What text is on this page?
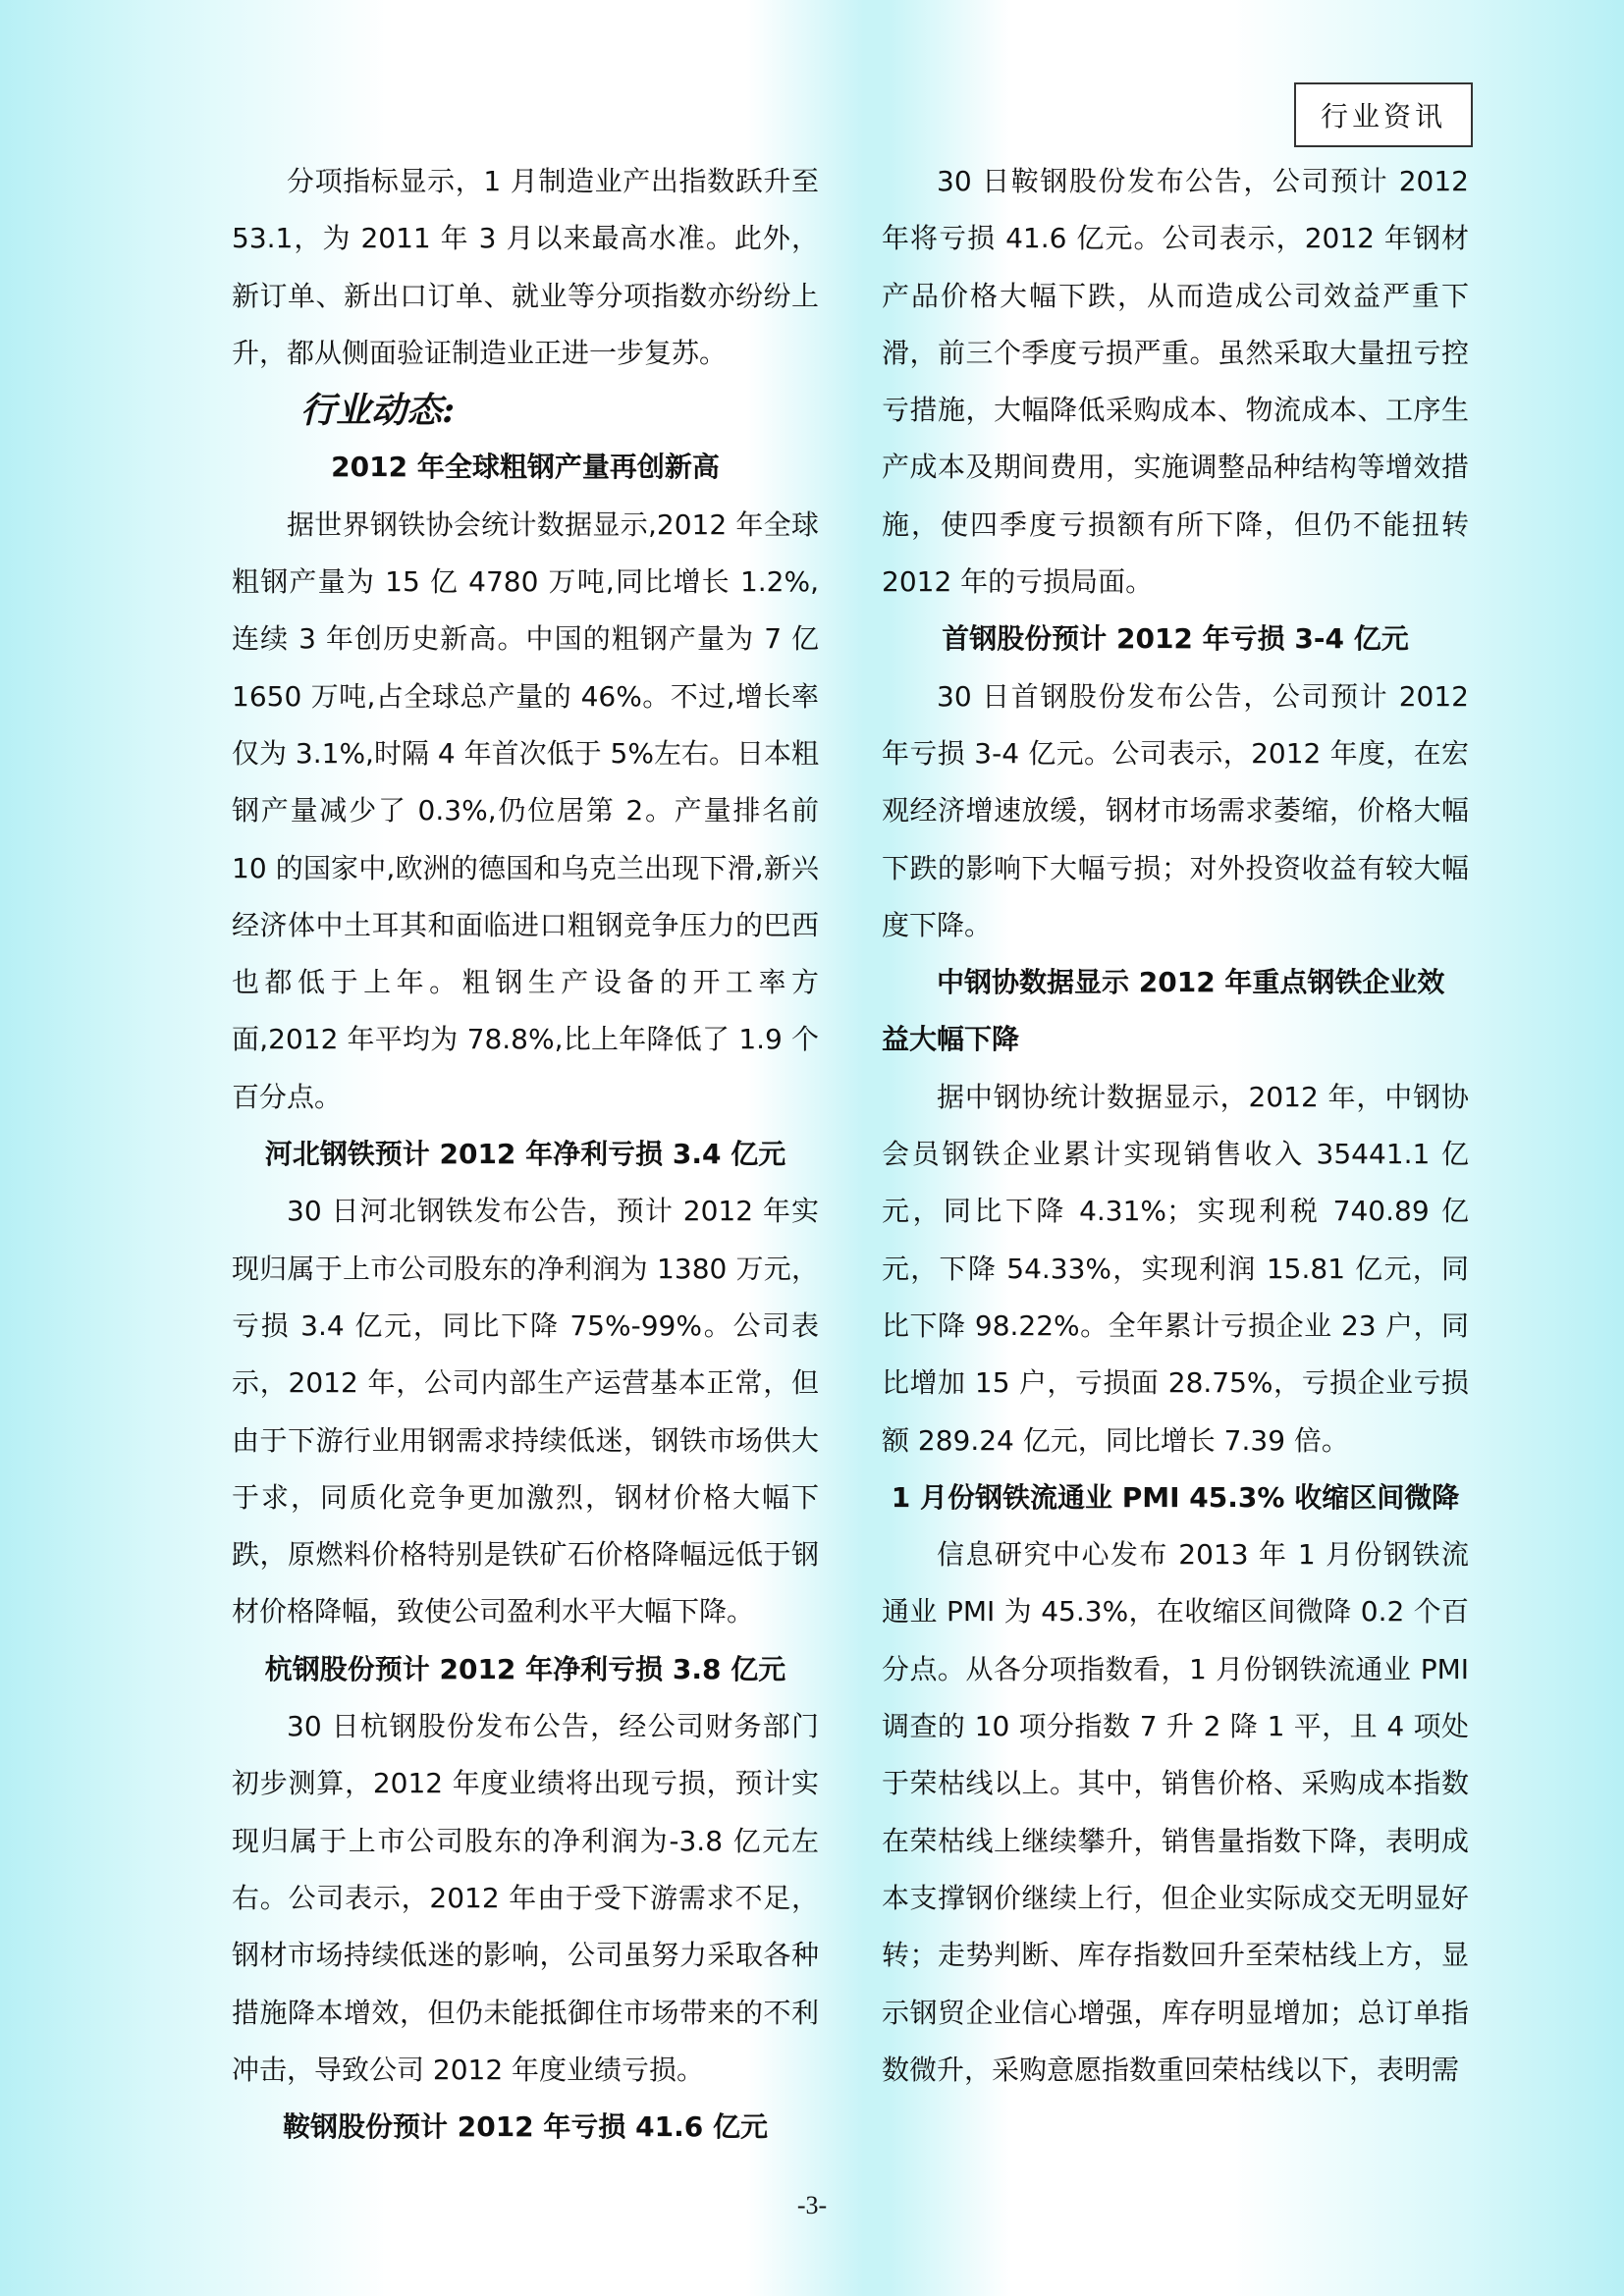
行业资讯

分项指标显示，1 月制造业产出指数跃升至 53.1，为 2011 年 3 月以来最高水准。此外，新订单、新出口订单、就业等分项指数亦纷纷上升，都从侧面验证制造业正进一步复苏。

行业动态:

2012 年全球粗钢产量再创新高

据世界钢铁协会统计数据显示,2012 年全球粗钢产量为 15 亿 4780 万吨,同比增长 1.2%,连续 3 年创历史新高。中国的粗钢产量为 7 亿 1650 万吨,占全球总产量的 46%。不过,增长率仅为 3.1%,时隔 4 年首次低于 5%左右。日本粗钢产量减少了 0.3%,仍位居第 2。产量排名前 10 的国家中,欧洲的德国和乌克兰出现下滑,新兴经济体中土耳其和面临进口粗钢竞争压力的巴西也都低于上年。粗钢生产设备的开工率方面,2012 年平均为 78.8%,比上年降低了 1.9 个百分点。

河北钢铁预计 2012 年净利亏损 3.4 亿元

30 日河北钢铁发布公告，预计 2012 年实现归属于上市公司股东的净利润为 1380 万元，亏损 3.4 亿元，同比下降 75%-99%。公司表示，2012 年，公司内部生产运营基本正常，但由于下游行业用钢需求持续低迷，钢铁市场供大于求，同质化竞争更加激烈，钢材价格大幅下跌，原燃料价格特别是铁矿石价格降幅远低于钢材价格降幅，致使公司盈利水平大幅下降。

杭钢股份预计 2012 年净利亏损 3.8 亿元

30 日杭钢股份发布公告，经公司财务部门初步测算，2012 年度业绩将出现亏损，预计实现归属于上市公司股东的净利润为-3.8 亿元左右。公司表示，2012 年由于受下游需求不足，钢材市场持续低迷的影响，公司虽努力采取各种措施降本增效，但仍未能抵御住市场带来的不利冲击，导致公司 2012 年度业绩亏损。

鞍钢股份预计 2012 年亏损 41.6 亿元

30 日鞍钢股份发布公告，公司预计 2012 年将亏损 41.6 亿元。公司表示，2012 年钢材产品价格大幅下跌，从而造成公司效益严重下滑，前三个季度亏损严重。虽然采取大量扭亏控亏措施，大幅降低采购成本、物流成本、工序生产成本及期间费用，实施调整品种结构等增效措施，使四季度亏损额有所下降，但仍不能扭转 2012 年的亏损局面。

首钢股份预计 2012 年亏损 3-4 亿元

30 日首钢股份发布公告，公司预计 2012 年亏损 3-4 亿元。公司表示，2012 年度，在宏观经济增速放缓，钢材市场需求萎缩，价格大幅下跌的影响下大幅亏损；对外投资收益有较大幅度下降。

中钢协数据显示 2012 年重点钢铁企业效益大幅下降

据中钢协统计数据显示，2012 年，中钢协会员钢铁企业累计实现销售收入 35441.1 亿元，同比下降 4.31%；实现利税 740.89 亿元，下降 54.33%，实现利润 15.81 亿元，同比下降 98.22%。全年累计亏损企业 23 户，同比增加 15 户，亏损面 28.75%，亏损企业亏损额 289.24 亿元，同比增长 7.39 倍。

1 月份钢铁流通业 PMI 45.3% 收缩区间微降

信息研究中心发布 2013 年 1 月份钢铁流通业 PMI 为 45.3%，在收缩区间微降 0.2 个百分点。从各分项指数看，1 月份钢铁流通业 PMI 调查的 10 项分指数 7 升 2 降 1 平，且 4 项处于荣枯线以上。其中，销售价格、采购成本指数在荣枯线上继续攀升，销售量指数下降，表明成本支撑钢价继续上行，但企业实际成交无明显好转；走势判断、库存指数回升至荣枯线上方，显示钢贸企业信心增强，库存明显增加；总订单指数微升，采购意愿指数重回荣枯线以下，表明需

-3-
